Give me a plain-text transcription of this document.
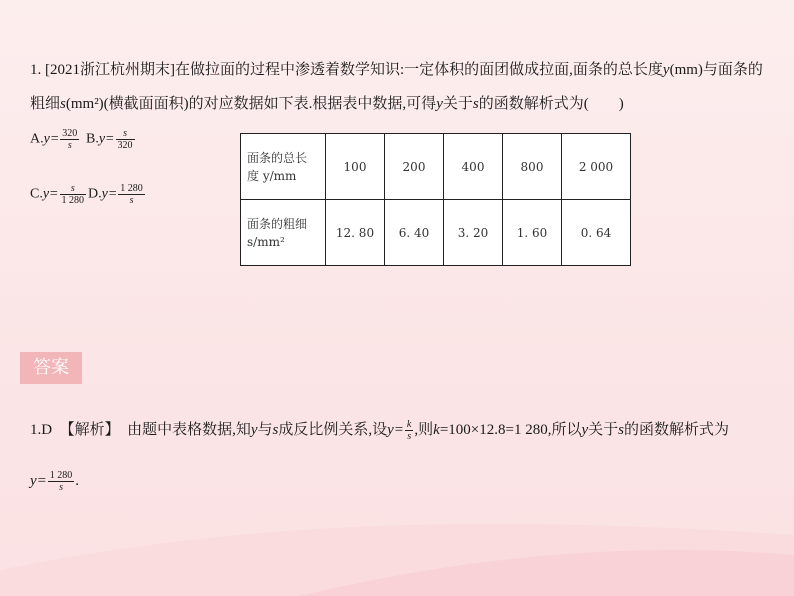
1. [2021浙江杭州期末]在做拉面的过程中渗透着数学知识:一定体积的面团做成拉面,面条的总长度y(mm)与面条的
粗细s(mm²)(横截面面积)的对应数据如下表.根据表中数据,可得y关于s的函数解析式为(　　)
$A.y= \frac{320}{s} B.y= \frac{s}{320}$
$C.y= \frac{s}{1 280} D.y= \frac{1 280}{s}$
面条的总长
度 y/mm	100	200	400	800	2 000
面条的粗细
s/mm²	12. 80	6. 40	3. 20	1. 60	0. 64
答案
1.D　【解析】　由题中表格数据,知y与s成反比例关系,设$y= \frac{k}{s}$ ,则k=100×12.8=1 280,所以y关于s的函数解析式为
$y= \frac{1 280}{s}$ .
